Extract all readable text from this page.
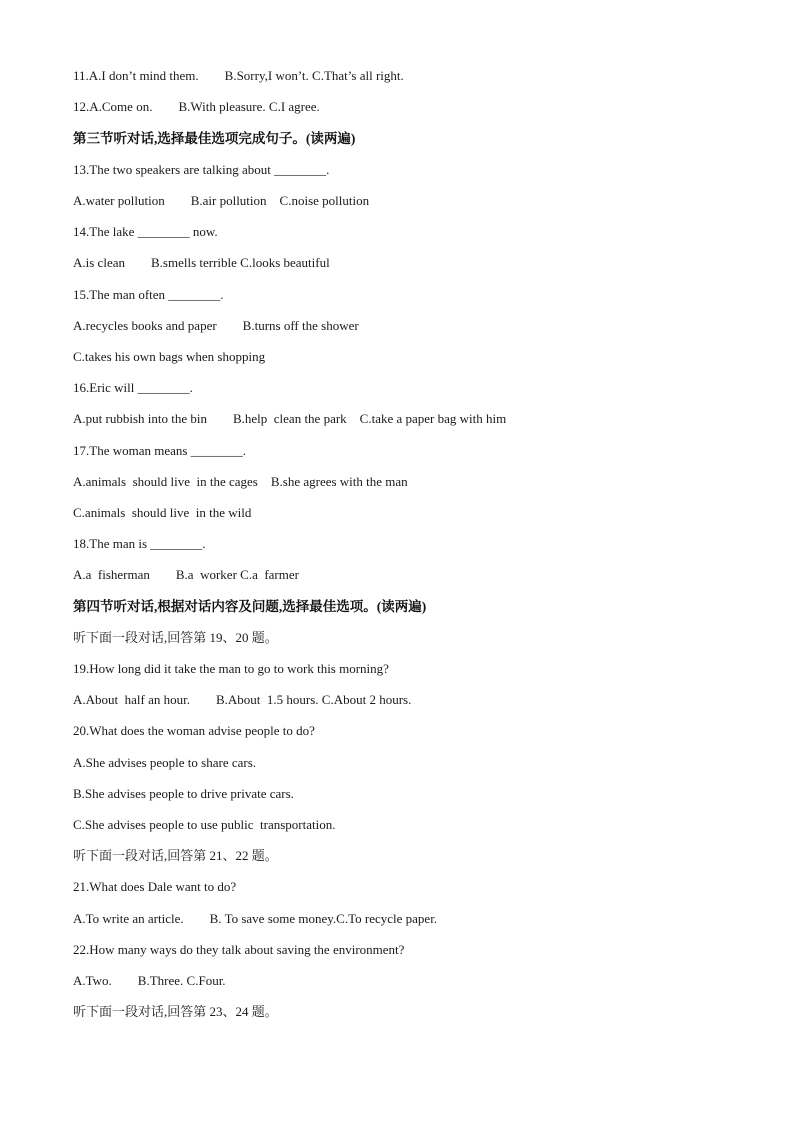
11.A.I don’t mind them.        B.Sorry,I won’t. C.That’s all right.
12.A.Come on.        B.With pleasure. C.I agree.
第三节听对话,选择最佳选项完成句子。(读两遍)
13.The two speakers are talking about ________.
A.water pollution        B.air pollution    C.noise pollution
14.The lake ________ now.
A.is clean        B.smells terrible C.looks beautiful
15.The man often ________.
A.recycles books and paper        B.turns off the shower
C.takes his own bags when shopping
16.Eric will ________.
A.put rubbish into the bin        B.help  clean the park    C.take a paper bag with him
17.The woman means ________.
A.animals  should live  in the cages    B.she agrees with the man
C.animals  should live  in the wild
18.The man is ________.
A.a  fisherman        B.a  worker C.a  farmer
第四节听对话,根据对话内容及问题,选择最佳选项。(读两遍)
听下面一段对话,回答第 19、20 题。
19.How long did it take the man to go to work this morning?
A.About  half an hour.        B.About  1.5 hours. C.About 2 hours.
20.What does the woman advise people to do?
A.She advises people to share cars.
B.She advises people to drive private cars.
C.She advises people to use public  transportation.
听下面一段对话,回答第 21、22 题。
21.What does Dale want to do?
A.To write an article.        B. To save some money.C.To recycle paper.
22.How many ways do they talk about saving the environment?
A.Two.        B.Three. C.Four.
听下面一段对话,回答第 23、24 题。
